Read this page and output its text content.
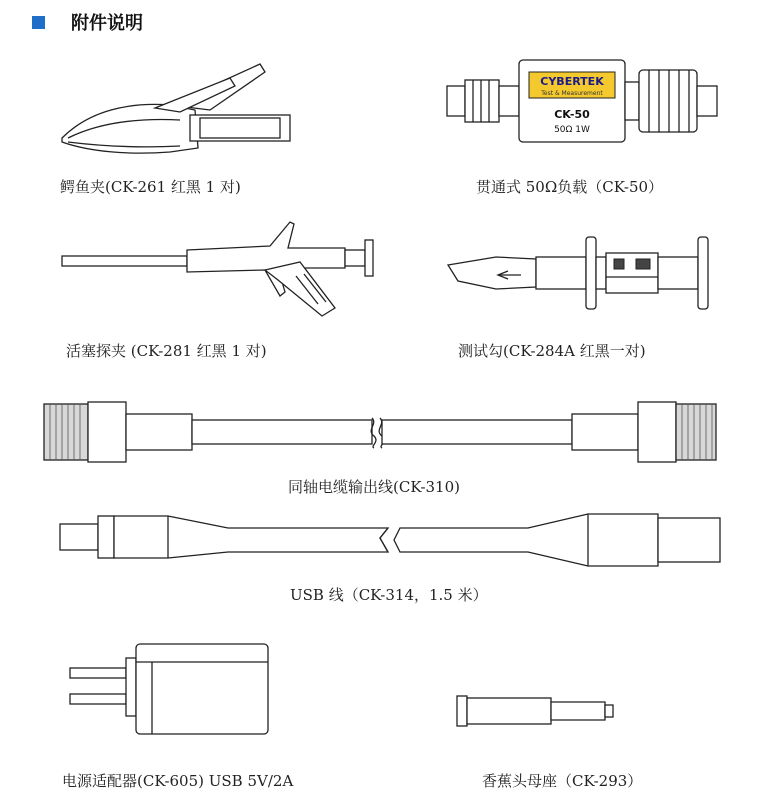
附件说明
鳄鱼夹(CK-261 红黑 1 对)
CYBERTEK
Test & Measurement
CK-50
50Ω 1W
贯通式 50Ω负载（CK-50）
活塞探夹 (CK-281 红黑 1 对)	测试勾(CK-284A 红黑一对)
同轴电缆输出线(CK-310)
USB 线（CK-314，1.5 米）
电源适配器(CK-605) USB 5V/2A	香蕉头母座（CK-293）
